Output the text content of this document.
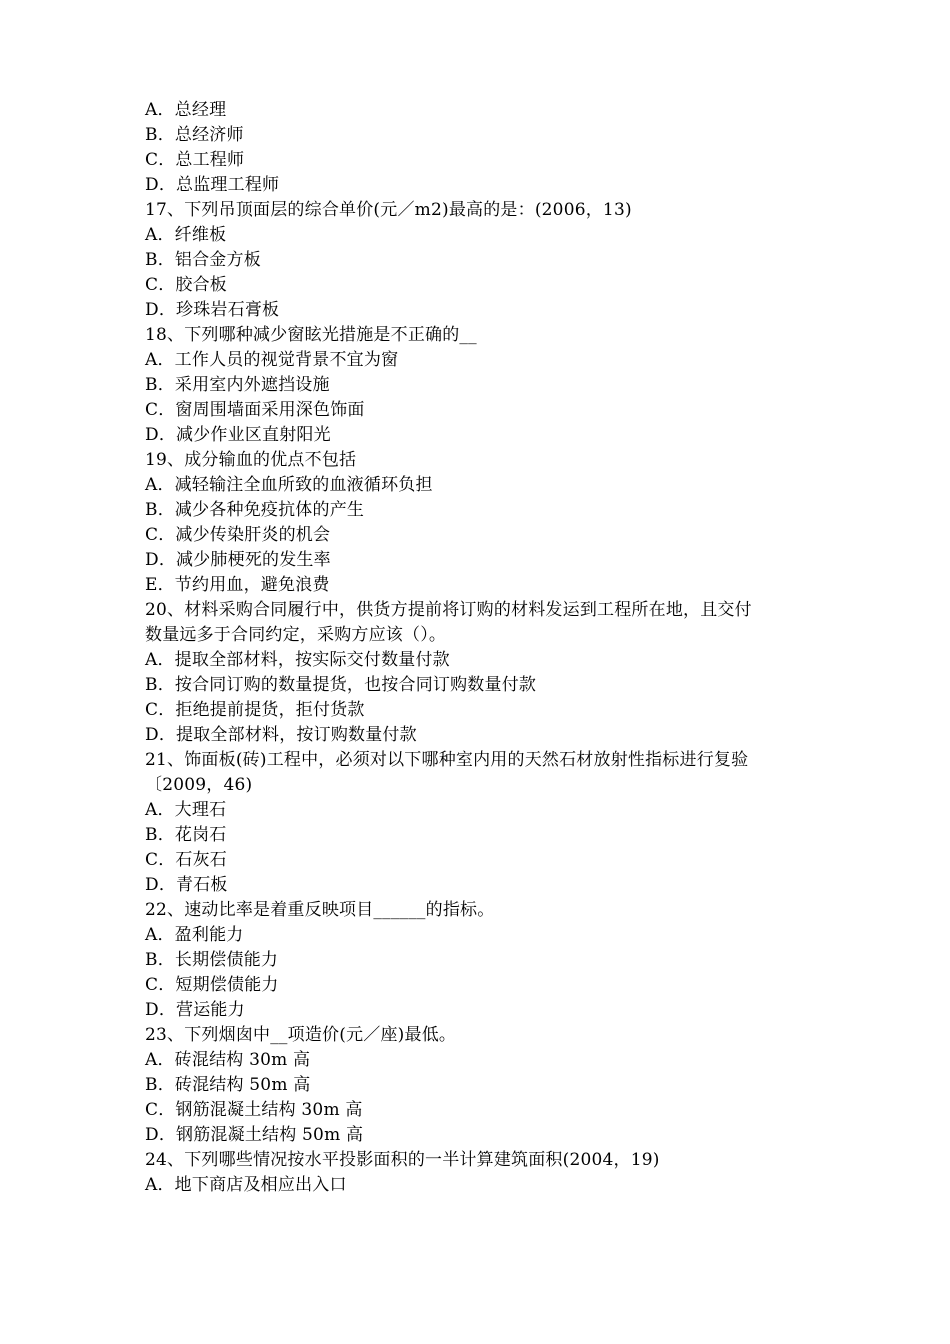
A．总经理
B．总经济师
C．总工程师
D．总监理工程师
17、下列吊顶面层的综合单价(元／m2)最高的是：(2006，13)
A．纤维板
B．铝合金方板
C．胶合板
D．珍珠岩石膏板
18、下列哪种减少窗眩光措施是不正确的__
A．工作人员的视觉背景不宜为窗
B．采用室内外遮挡设施
C．窗周围墙面采用深色饰面
D．减少作业区直射阳光
19、成分输血的优点不包括
A．减轻输注全血所致的血液循环负担
B．减少各种免疫抗体的产生
C．减少传染肝炎的机会
D．减少肺梗死的发生率
E．节约用血，避免浪费
20、材料采购合同履行中，供货方提前将订购的材料发运到工程所在地，且交付
数量远多于合同约定，采购方应该（）。
A．提取全部材料，按实际交付数量付款
B．按合同订购的数量提货，也按合同订购数量付款
C．拒绝提前提货，拒付货款
D．提取全部材料，按订购数量付款
21、饰面板(砖)工程中，必须对以下哪种室内用的天然石材放射性指标进行复验
〔2009，46)
A．大理石
B．花岗石
C．石灰石
D．青石板
22、速动比率是着重反映项目______的指标。
A．盈利能力
B．长期偿债能力
C．短期偿债能力
D．营运能力
23、下列烟囱中__项造价(元／座)最低。
A．砖混结构 30m 高
B．砖混结构 50m 高
C．钢筋混凝土结构 30m 高
D．钢筋混凝土结构 50m 高
24、下列哪些情况按水平投影面积的一半计算建筑面积(2004，19)
A．地下商店及相应出入口
